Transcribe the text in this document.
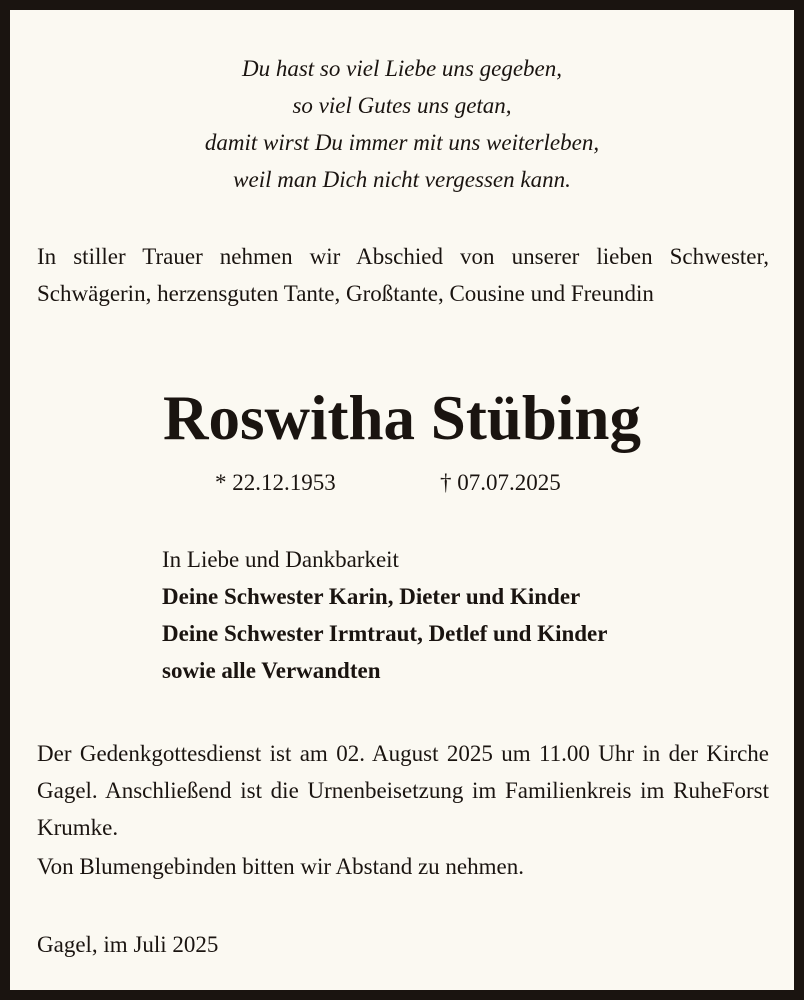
Du hast so viel Liebe uns gegeben,
so viel Gutes uns getan,
damit wirst Du immer mit uns weiterleben,
weil man Dich nicht vergessen kann.
In stiller Trauer nehmen wir Abschied von unserer lieben Schwester, Schwägerin, herzensguten Tante, Großtante, Cousine und Freundin
Roswitha Stübing
* 22.12.1953	† 07.07.2025
In Liebe und Dankbarkeit
Deine Schwester Karin, Dieter und Kinder
Deine Schwester Irmtraut, Detlef und Kinder
sowie alle Verwandten
Der Gedenkgottesdienst ist am 02. August 2025 um 11.00 Uhr in der Kirche Gagel. Anschließend ist die Urnenbeisetzung im Familienkreis im RuheForst Krumke.
Von Blumengebinden bitten wir Abstand zu nehmen.
Gagel, im Juli 2025
